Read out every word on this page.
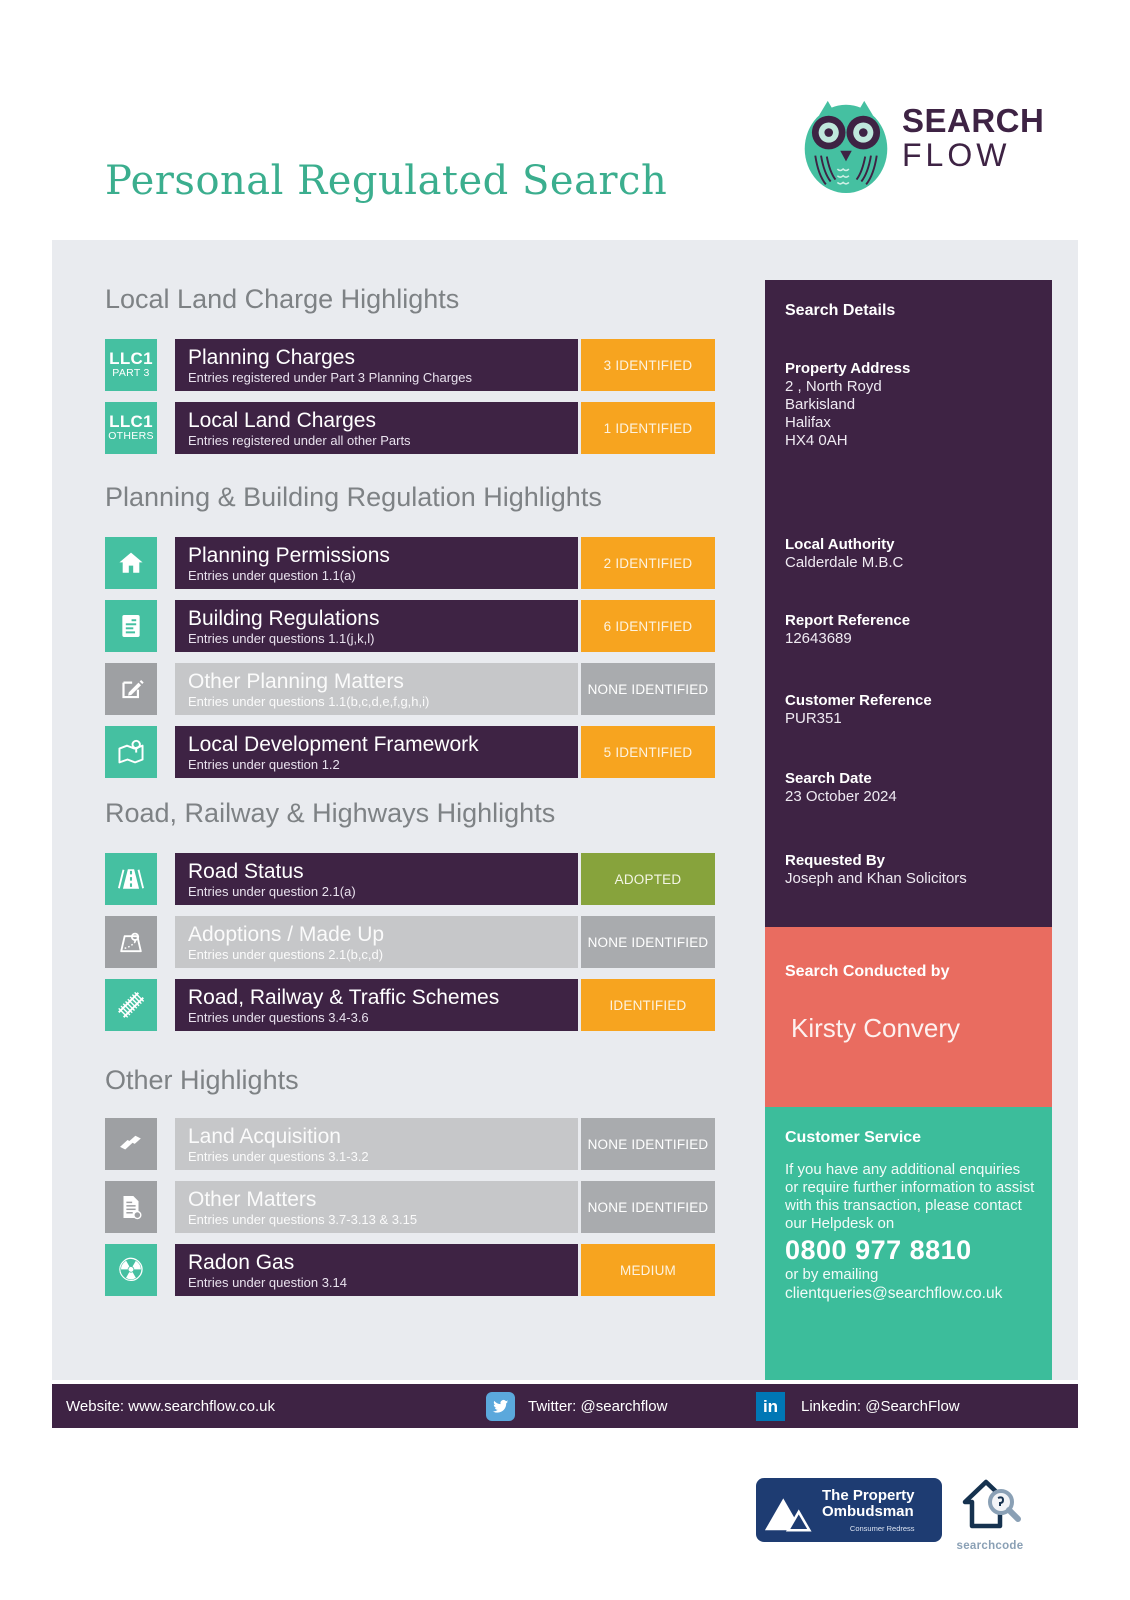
Personal Regulated Search
SEARCH
FLOW
Local Land Charge Highlights
LLC1
PART 3
Planning Charges
Entries registered under Part 3 Planning Charges
3 IDENTIFIED
LLC1
OTHERS
Local Land Charges
Entries registered under all other Parts
1 IDENTIFIED
Planning & Building Regulation Highlights
Planning Permissions
Entries under question 1.1(a)
2 IDENTIFIED
Building Regulations
Entries under questions 1.1(j,k,l)
6 IDENTIFIED
Other Planning Matters
Entries under questions 1.1(b,c,d,e,f,g,h,i)
NONE IDENTIFIED
Local Development Framework
Entries under question 1.2
5 IDENTIFIED
Road, Railway & Highways Highlights
Road Status
Entries under question 2.1(a)
ADOPTED
Adoptions / Made Up
Entries under questions 2.1(b,c,d)
NONE IDENTIFIED
Road, Railway & Traffic Schemes
Entries under questions 3.4-3.6
IDENTIFIED
Other Highlights
Land Acquisition
Entries under questions 3.1-3.2
NONE IDENTIFIED
Other Matters
Entries under questions 3.7-3.13 & 3.15
NONE IDENTIFIED
☢ Radon Gas
Entries under question 3.14
MEDIUM
Search Details
Property Address
2 , North Royd
Barkisland
Halifax
HX4 0AH
Local Authority
Calderdale M.B.C
Report Reference
12643689
Customer Reference
PUR351
Search Date
23 October 2024
Requested By
Joseph and Khan Solicitors
Search Conducted by
Kirsty Convery
Customer Service
If you have any additional enquiries or require further information to assist with this transaction, please contact our Helpdesk on
0800 977 8810
or by emailing
clientqueries@searchflow.co.uk
Website: www.searchflow.co.uk	Twitter: @searchflow	in	Linkedin: @SearchFlow
The Property
Ombudsman
Consumer Redress
searchcode
